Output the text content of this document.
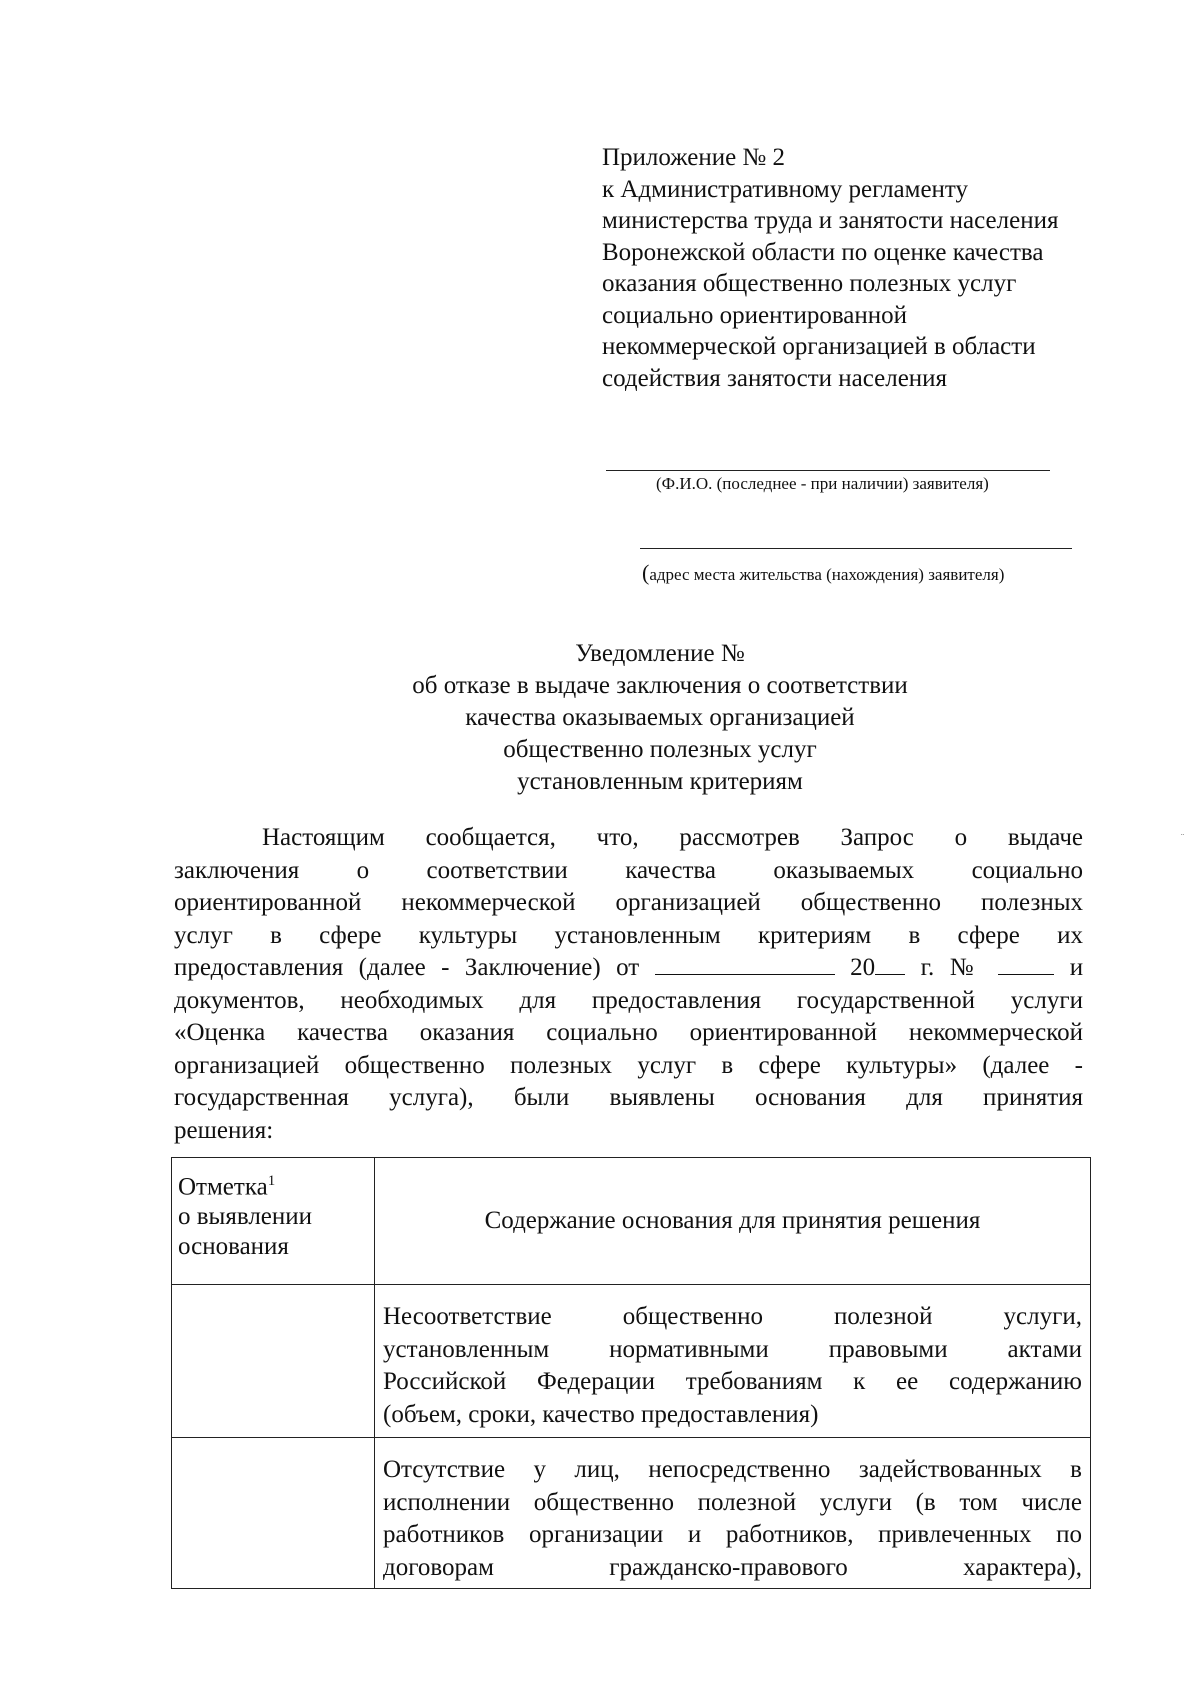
Приложение № 2
к Административному регламенту
министерства труда и занятости населения
Воронежской области по оценке качества
оказания общественно полезных услуг
социально ориентированной
некоммерческой организацией в области
содействия занятости населения
(Ф.И.О. (последнее - при наличии) заявителя)
(адрес места жительства (нахождения) заявителя)
Уведомление №
об отказе в выдаче заключения о соответствии
качества оказываемых организацией
общественно полезных услуг
установленным критериям
Настоящим сообщается, что, рассмотрев Запрос о выдаче
заключения о соответствии качества оказываемых социально
ориентированной некоммерческой организацией общественно полезных
услуг в сфере культуры установленным критериям в сфере их
предоставления (далее - Заключение) от	20 г. №	и
документов, необходимых для предоставления государственной услуги
«Оценка качества оказания социально ориентированной некоммерческой
организацией общественно полезных услуг в сфере культуры» (далее -
государственная услуга), были выявлены основания для принятия
решения:
Отметка$^1$
о выявлении
основания	Содержание основания для принятия решения

	Несоответствие общественно полезной услуги,
установленным нормативными правовыми актами
Российской Федерации требованиям к ее содержанию
(объем, сроки, качество предоставления)

	Отсутствие у лиц, непосредственно задействованных в
исполнении общественно полезной услуги (в том числе
работников организации и работников, привлеченных по
договорам гражданско-правового характера),
¨
